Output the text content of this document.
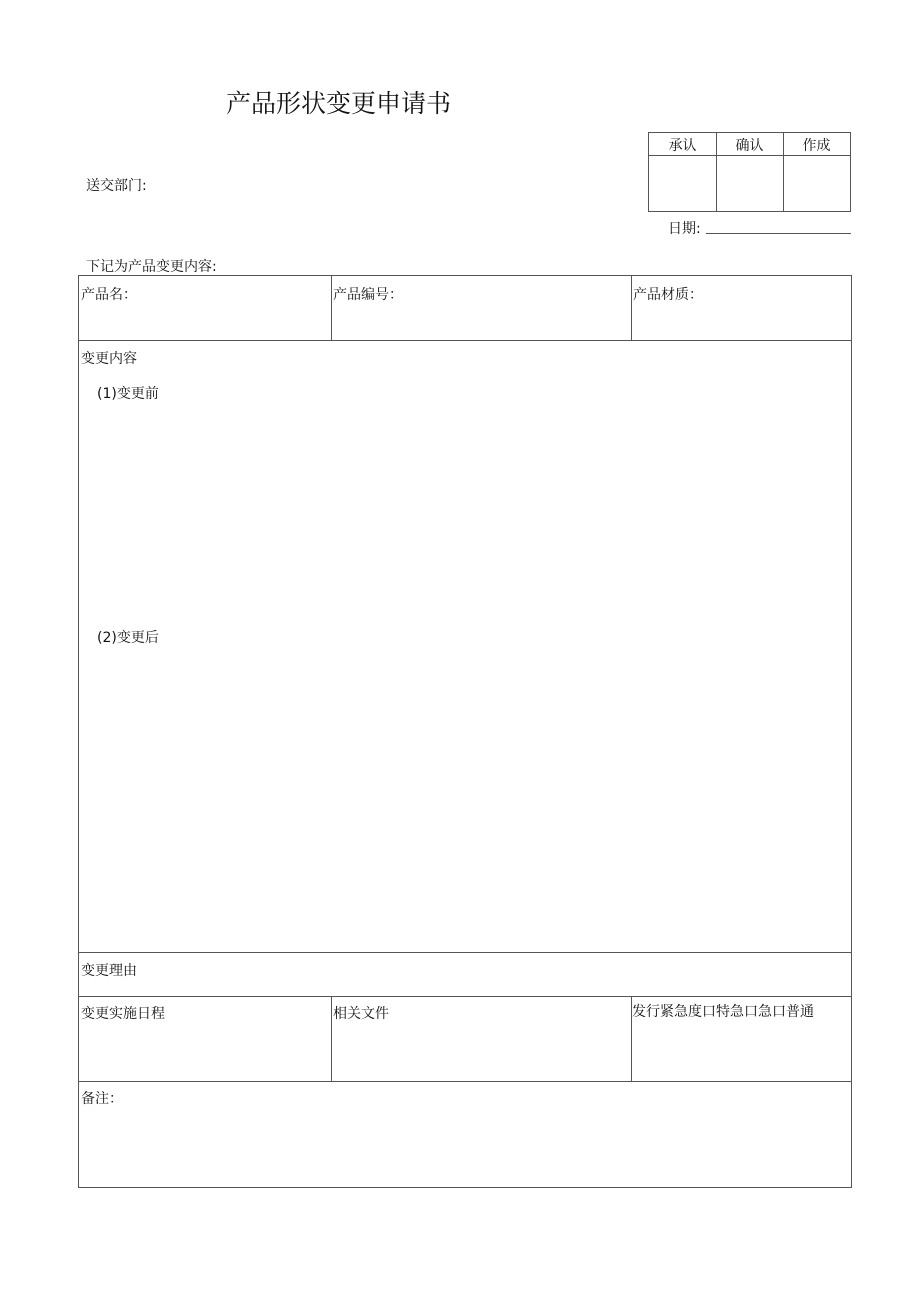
产品形状变更申请书
送交部门:
承认	确认	作成
日期:
下记为产品变更内容:
产品名：	产品编号：	产品材质：
变更内容
(1)变更前
(2)变更后
变更理由
变更实施日程	相关文件	发行紧急度口特急口急口普通
备注：
